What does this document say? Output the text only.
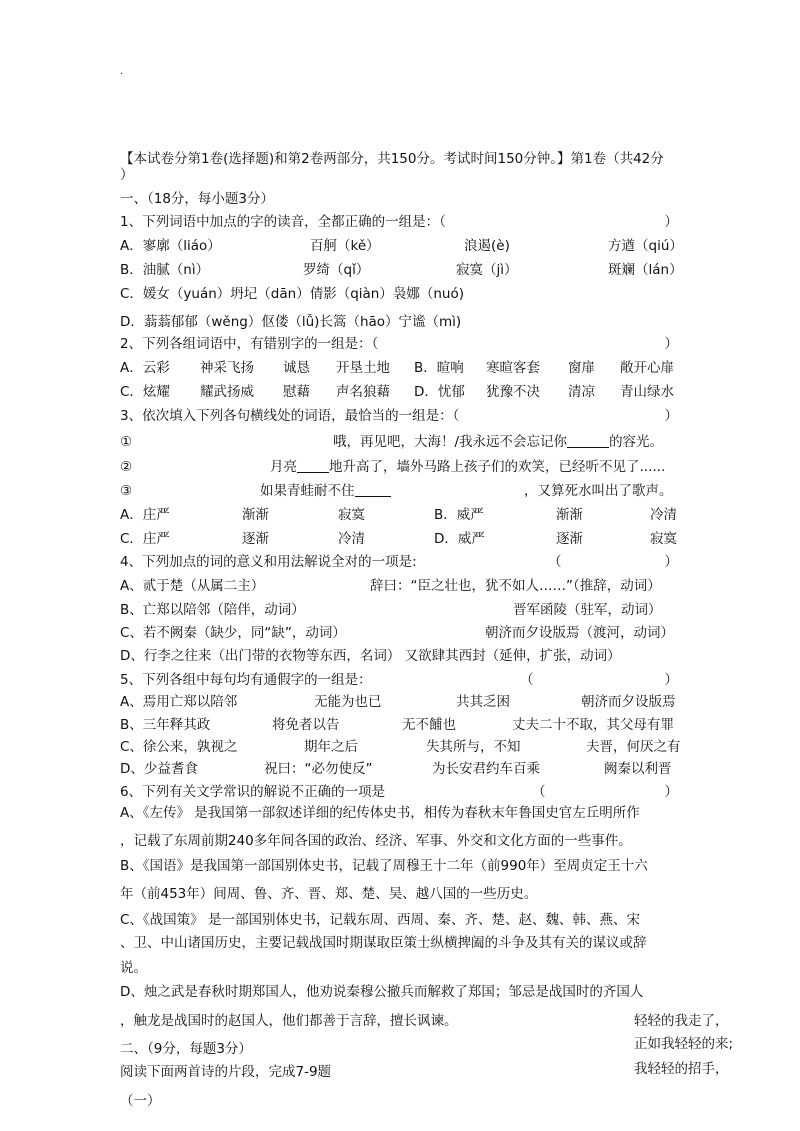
.
【本试卷分第1卷(选择题)和第2卷两部分，共150分。考试时间150分钟。】第1卷（共42分
）
一、（18分，每小题3分）
1、下列词语中加点的字的读音，全都正确的一组是：（	）
A．寥廓（liáo）	百舸（kě）	浪遏(è)	方遒（qiú）
B．油腻（nì）	罗绮（qǐ）	寂寞（jì）	斑斓（lán）
C．媛女（yuán）坍圮（dān）倩影（qiàn）袅娜（nuó)
D．蓊蓊郁郁（wěng）伛偻（lǚ)长篙（hāo）宁谧（mì)
2、下列各组词语中，有错别字的一组是：（	）
A．云彩 神采飞扬 诚恳 开垦土地 B．暄响 寒暄客套 窗扉 敞开心扉
C．炫耀 耀武扬威 慰藉 声名狼藉 D．忧郁 犹豫不决 清凉 青山绿水
3、依次填入下列各句横线处的词语，最恰当的一组是：（	）
①	哦，再见吧，大海！/我永远不会忘记你	的容光。
②	月亮 地升高了，墙外马路上孩子们的欢笑，已经听不见了......
③	如果青蛙耐不住	，又算死水叫出了歌声。
A．庄严	渐渐	寂寞	B．威严	渐渐	冷清
C．庄严	逐渐	冷清	D．威严	逐渐	寂寞
4、下列加点的词的意义和用法解说全对的一项是:	（	）
A、贰于楚（从属二主）	辞曰：“臣之壮也，犹不如人……”（推辞，动词）
B、亡郑以陪邻（陪伴，动词）	晋军函陵（驻军，动词）
C、若不阙秦（缺少，同“缺”，动词）	朝济而夕设版焉（渡河，动词）
D、行李之往来（出门带的衣物等东西，名词） 又欲肆其西封（延伸，扩张，动词）
5、下列各组中每句均有通假字的一组是：	（	）
A、焉用亡郑以陪邻	无能为也已	共其乏困	朝济而夕设版焉
B、三年释其政	将免者以告	无不餔也	丈夫二十不取，其父母有罪
C、徐公来，孰视之	期年之后	失其所与，不知	夫晋，何厌之有
D、少益耆食	祝曰：“必勿使反”	为长安君约车百乘	阙秦以利晋
6、下列有关文学常识的解说不正确的一项是	（	）
A、《左传》 是我国第一部叙述详细的纪传体史书，相传为春秋末年鲁国史官左丘明所作
，记载了东周前期240多年间各国的政治、经济、军事、外交和文化方面的一些事件。
B、《国语》是我国第一部国别体史书，记载了周穆王十二年（前990年）至周贞定王十六
年（前453年）间周、鲁、齐、晋、郑、楚、吴、越八国的一些历史。
C、《战国策》 是一部国别体史书，记载东周、西周、秦、齐、楚、赵、魏、韩、燕、宋
、卫、中山诸国历史，主要记载战国时期谋取臣策士纵横捭阖的斗争及其有关的谋议或辞
说。
D、烛之武是春秋时期郑国人，他劝说秦穆公撤兵而解救了郑国；邹忌是战国时的齐国人
，触龙是战国时的赵国人，他们都善于言辞，擅长讽谏。
二、（9分，每题3分）
阅读下面两首诗的片段，完成7-9题
（一）
轻轻的我走了，
正如我轻轻的来;
我轻轻的招手，
